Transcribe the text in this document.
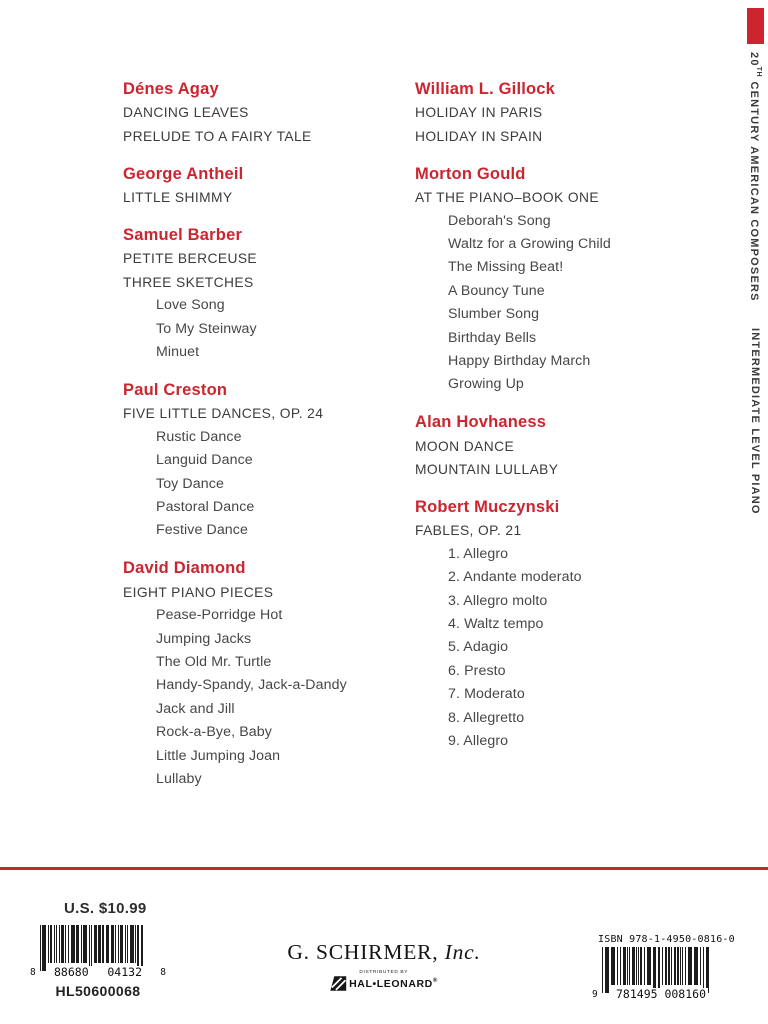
Dénes Agay
DANCING LEAVES
PRELUDE TO A FAIRY TALE
George Antheil
LITTLE SHIMMY
Samuel Barber
PETITE BERCEUSE
THREE SKETCHES
Love Song
To My Steinway
Minuet
Paul Creston
FIVE LITTLE DANCES, OP. 24
Rustic Dance
Languid Dance
Toy Dance
Pastoral Dance
Festive Dance
David Diamond
EIGHT PIANO PIECES
Pease-Porridge Hot
Jumping Jacks
The Old Mr. Turtle
Handy-Spandy, Jack-a-Dandy
Jack and Jill
Rock-a-Bye, Baby
Little Jumping Joan
Lullaby
William L. Gillock
HOLIDAY IN PARIS
HOLIDAY IN SPAIN
Morton Gould
AT THE PIANO–BOOK ONE
Deborah's Song
Waltz for a Growing Child
The Missing Beat!
A Bouncy Tune
Slumber Song
Birthday Bells
Happy Birthday March
Growing Up
Alan Hovhaness
MOON DANCE
MOUNTAIN LULLABY
Robert Muczynski
FABLES, OP. 21
1. Allegro
2. Andante moderato
3. Allegro molto
4. Waltz tempo
5. Adagio
6. Presto
7. Moderato
8. Allegretto
9. Allegro
20TH CENTURY AMERICAN COMPOSERS
INTERMEDIATE LEVEL PIANO
U.S. $10.99
8	8
88680 04132
HL50600068
G. SCHIRMER, Inc.
DISTRIBUTED BY
HAL•LEONARD®
ISBN 978-1-4950-0816-0
9 781495 008160
